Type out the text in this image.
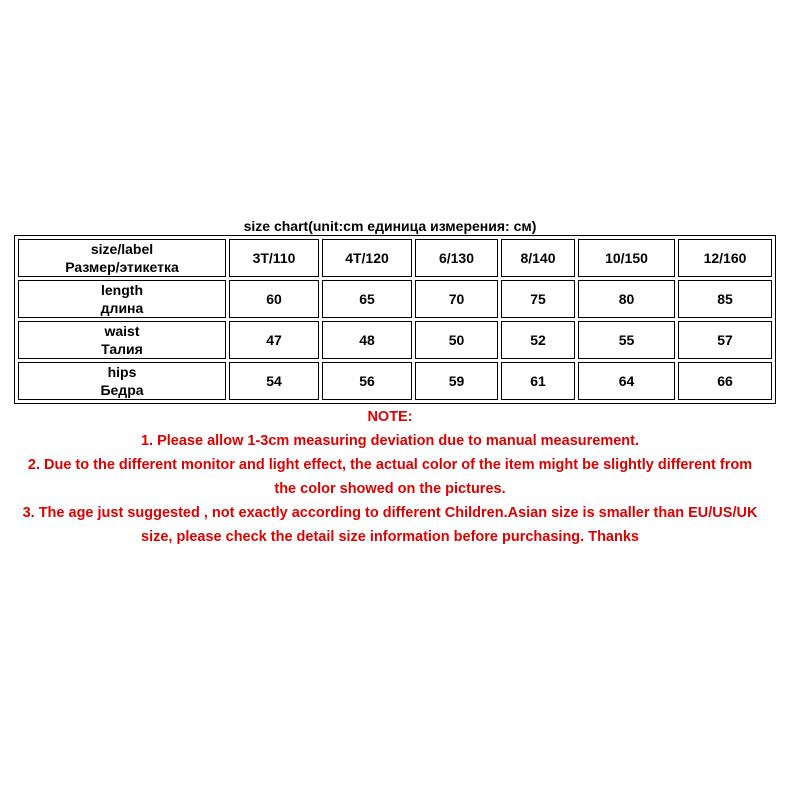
size chart(unit:cm единица измерения: см)
size/label
Размер/этикетка	3T/110	4T/120	6/130	8/140	10/150	12/160

length
длина	60	65	70	75	80	85

waist
Талия	47	48	50	52	55	57

hips
Бедра	54	56	59	61	64	66
NOTE:
1. Please allow 1-3cm measuring deviation due to manual measurement.
2. Due to the different monitor and light effect, the actual color of the item might be slightly different from
the color showed on the pictures.
3. The age just suggested , not exactly according to different Children.Asian size is smaller than EU/US/UK
size, please check the detail size information before purchasing. Thanks
